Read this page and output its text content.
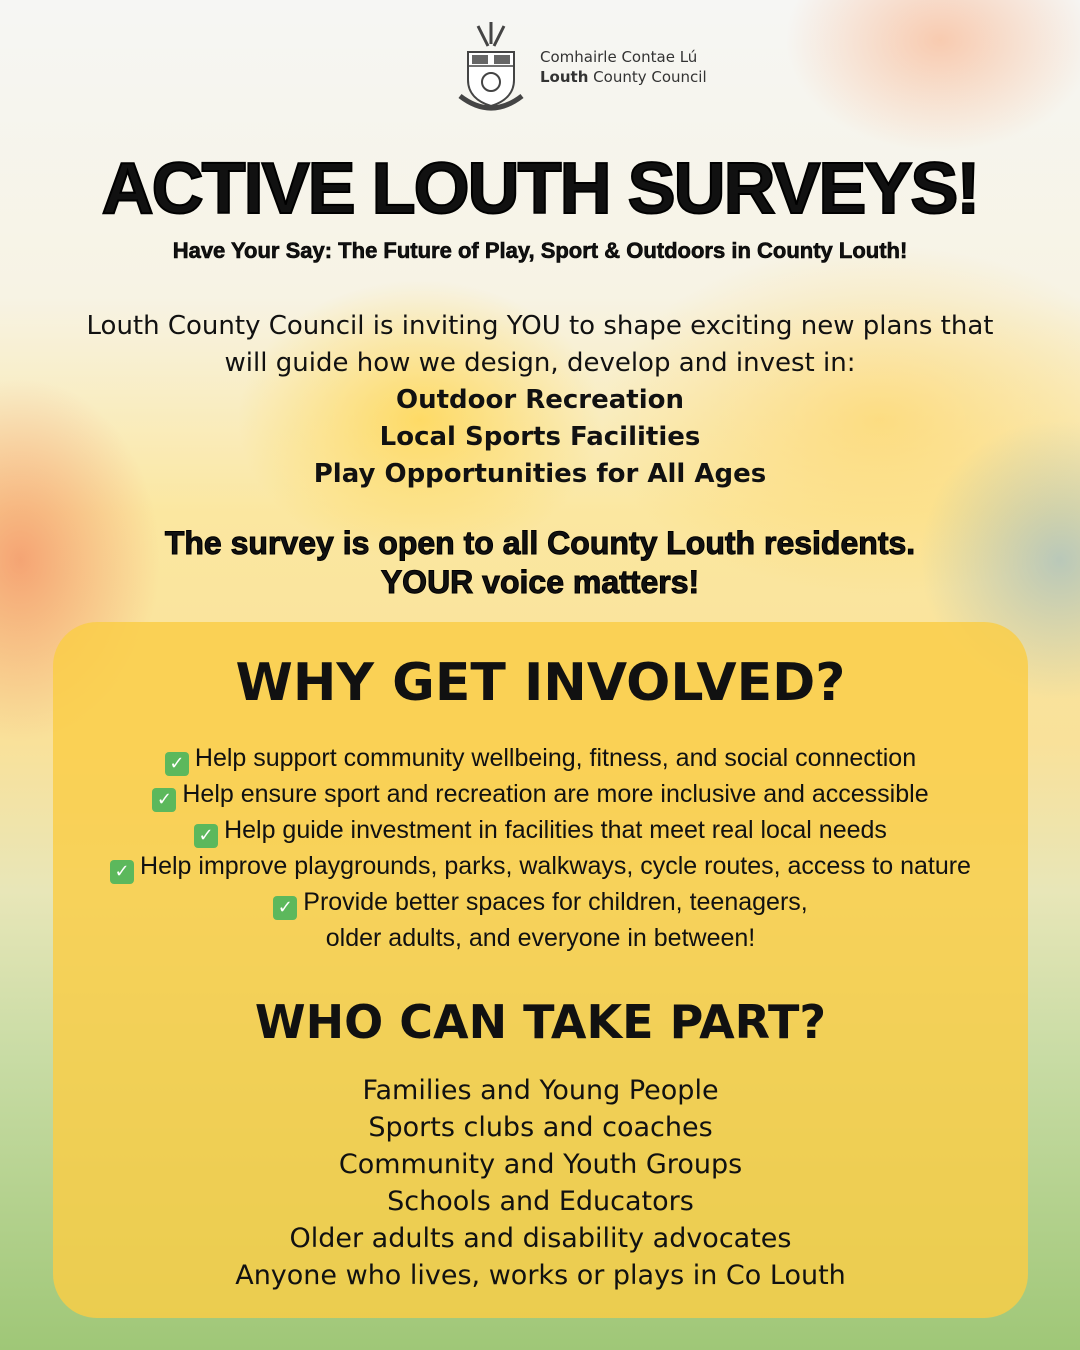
Comhairle Contae Lú
Louth County Council
ACTIVE LOUTH SURVEYS!
Have Your Say: The Future of Play, Sport & Outdoors in County Louth!
Louth County Council is inviting YOU to shape exciting new plans that
will guide how we design, develop and invest in:
Outdoor Recreation
Local Sports Facilities
Play Opportunities for All Ages
The survey is open to all County Louth residents.
YOUR voice matters!
WHY GET INVOLVED?
✓ Help support community wellbeing, fitness, and social connection
✓ Help ensure sport and recreation are more inclusive and accessible
✓ Help guide investment in facilities that meet real local needs
✓ Help improve playgrounds, parks, walkways, cycle routes, access to nature
✓ Provide better spaces for children, teenagers,
older adults, and everyone in between!
WHO CAN TAKE PART?
Families and Young People
Sports clubs and coaches
Community and Youth Groups
Schools and Educators
Older adults and disability advocates
Anyone who lives, works or plays in Co Louth
